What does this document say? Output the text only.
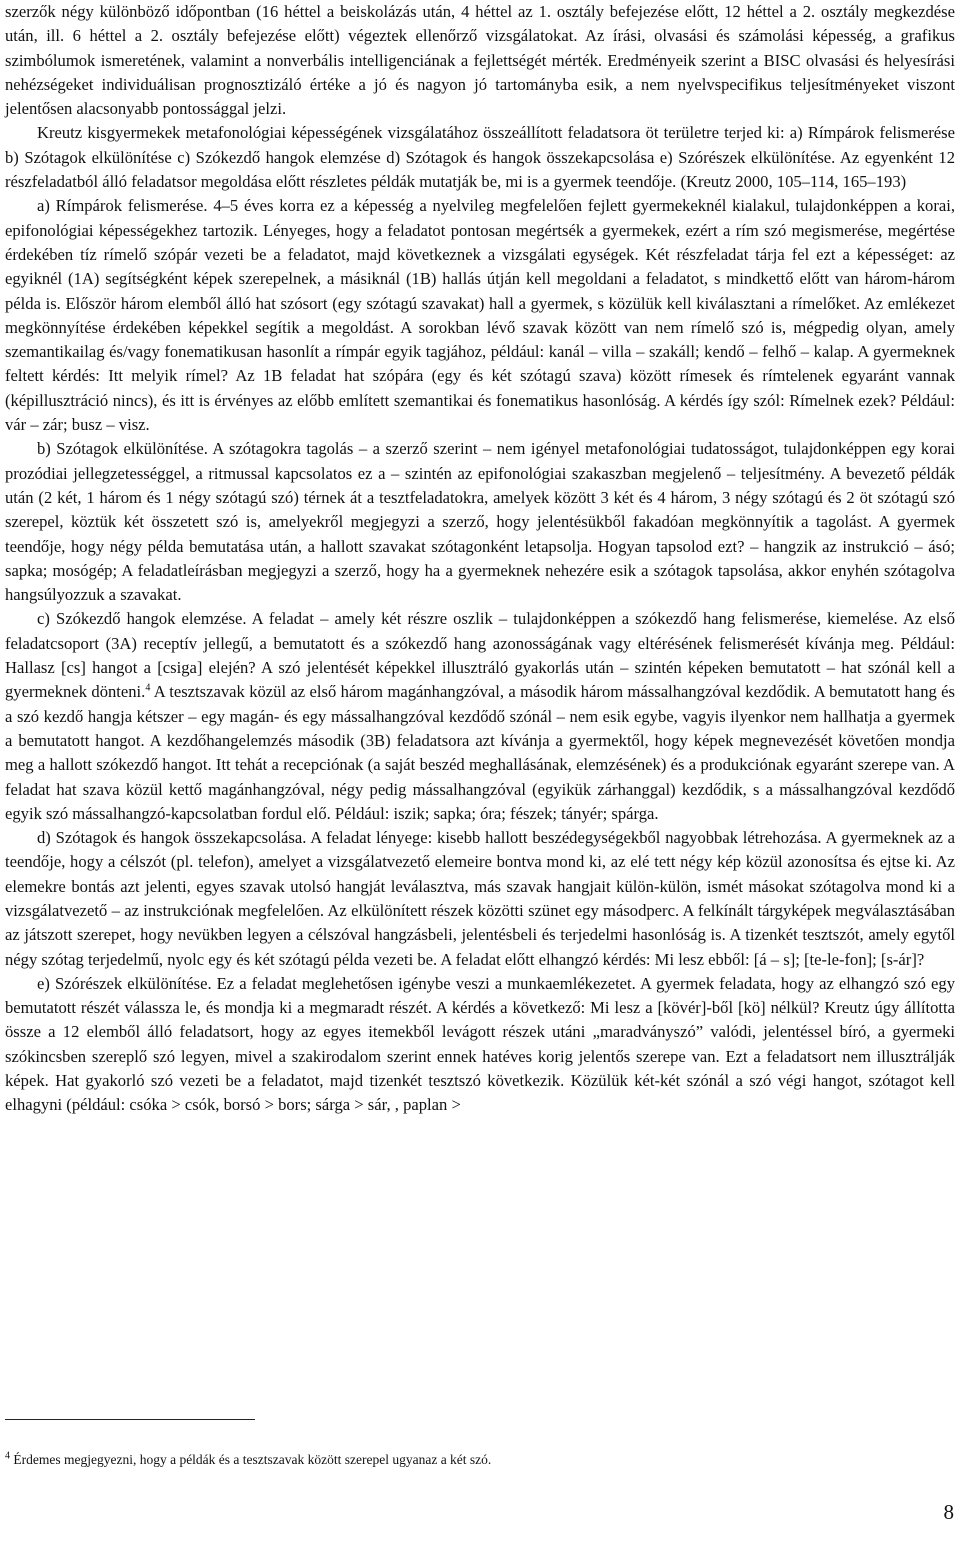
szerzők négy különböző időpontban (16 héttel a beiskolázás után, 4 héttel az 1. osztály befejezése előtt, 12 héttel a 2. osztály megkezdése után, ill. 6 héttel a 2. osztály befejezése előtt) végeztek ellenőrző vizsgálatokat. Az írási, olvasási és számolási képesség, a grafikus szimbólumok ismeretének, valamint a nonverbális intelligenciának a fejlettségét mérték. Eredményeik szerint a BISC olvasási és helyesírási nehézségeket individuálisan prognosztizáló értéke a jó és nagyon jó tartományba esik, a nem nyelvspecifikus teljesítményeket viszont jelentősen alacsonyabb pontossággal jelzi.

Kreutz kisgyermekek metafonológiai képességének vizsgálatához összeállított feladatsora öt területre terjed ki: a) Rímpárok felismerése b) Szótagok elkülönítése c) Szókezdő hangok elemzése d) Szótagok és hangok összekapcsolása e) Szórészek elkülönítése. Az egyenként 12 részfeladatból álló feladatsor megoldása előtt részletes példák mutatják be, mi is a gyermek teendője. (Kreutz 2000, 105–114, 165–193)

a) Rímpárok felismerése. 4–5 éves korra ez a képesség a nyelvileg megfelelően fejlett gyermekeknél kialakul, tulajdonképpen a korai, epifonológiai képességekhez tartozik. Lényeges, hogy a feladatot pontosan megértsék a gyermekek, ezért a rím szó megismerése, megértése érdekében tíz rímelő szópár vezeti be a feladatot, majd következnek a vizsgálati egységek. Két részfeladat tárja fel ezt a képességet: az egyiknél (1A) segítségként képek szerepelnek, a másiknál (1B) hallás útján kell megoldani a feladatot, s mindkettő előtt van három-három példa is. Először három elemből álló hat szósort (egy szótagú szavakat) hall a gyermek, s közülük kell kiválasztani a rímelőket. Az emlékezet megkönnyítése érdekében képekkel segítik a megoldást. A sorokban lévő szavak között van nem rímelő szó is, mégpedig olyan, amely szemantikailag és/vagy fonematikusan hasonlít a rímpár egyik tagjához, például: kanál – villa – szakáll; kendő – felhő – kalap. A gyermeknek feltett kérdés: Itt melyik rímel? Az 1B feladat hat szópára (egy és két szótagú szava) között rímesek és rímtelenek egyaránt vannak (képillusztráció nincs), és itt is érvényes az előbb említett szemantikai és fonematikus hasonlóság. A kérdés így szól: Rímelnek ezek? Például: vár – zár; busz – visz.

b) Szótagok elkülönítése. A szótagokra tagolás – a szerző szerint – nem igényel metafonológiai tudatosságot, tulajdonképpen egy korai prozódiai jellegzetességgel, a ritmussal kapcsolatos ez a – szintén az epifonológiai szakaszban megjelenő – teljesítmény. A bevezető példák után (2 két, 1 három és 1 négy szótagú szó) térnek át a tesztfeladatokra, amelyek között 3 két és 4 három, 3 négy szótagú és 2 öt szótagú szó szerepel, köztük két összetett szó is, amelyekről megjegyzi a szerző, hogy jelentésükből fakadóan megkönnyítik a tagolást. A gyermek teendője, hogy négy példa bemutatása után, a hallott szavakat szótagonként letapsolja. Hogyan tapsolod ezt? – hangzik az instrukció – ásó; sapka; mosógép; A feladatleírásban megjegyzi a szerző, hogy ha a gyermeknek nehezére esik a szótagok tapsolása, akkor enyhén szótagolva hangsúlyozzuk a szavakat.

c) Szókezdő hangok elemzése. A feladat – amely két részre oszlik – tulajdonképpen a szókezdő hang felismerése, kiemelése. Az első feladatcsoport (3A) receptív jellegű, a bemutatott és a szókezdő hang azonosságának vagy eltérésének felismerését kívánja meg. Például: Hallasz [cs] hangot a [csiga] elején? A szó jelentését képekkel illusztráló gyakorlás után – szintén képeken bemutatott – hat szónál kell a gyermeknek dönteni.$^4$ A tesztszavak közül az első három magánhangzóval, a második három mássalhangzóval kezdődik. A bemutatott hang és a szó kezdő hangja kétszer – egy magán- és egy mássalhangzóval kezdődő szónál – nem esik egybe, vagyis ilyenkor nem hallhatja a gyermek a bemutatott hangot. A kezdőhangelemzés második (3B) feladatsora azt kívánja a gyermektől, hogy képek megnevezését követően mondja meg a hallott szókezdő hangot. Itt tehát a recepciónak (a saját beszéd meghallásának, elemzésének) és a produkciónak egyaránt szerepe van. A feladat hat szava közül kettő magánhangzóval, négy pedig mássalhangzóval (egyikük zárhanggal) kezdődik, s a mássalhangzóval kezdődő egyik szó mássalhangzó-kapcsolatban fordul elő. Például: iszik; sapka; óra; fészek; tányér; spárga.

d) Szótagok és hangok összekapcsolása. A feladat lényege: kisebb hallott beszédegységekből nagyobbak létrehozása. A gyermeknek az a teendője, hogy a célszót (pl. telefon), amelyet a vizsgálatvezető elemeire bontva mond ki, az elé tett négy kép közül azonosítsa és ejtse ki. Az elemekre bontás azt jelenti, egyes szavak utolsó hangját leválasztva, más szavak hangjait külön-külön, ismét másokat szótagolva mond ki a vizsgálatvezető – az instrukciónak megfelelően. Az elkülönített részek közötti szünet egy másodperc. A felkínált tárgyképek megválasztásában az játszott szerepet, hogy nevükben legyen a célszóval hangzásbeli, jelentésbeli és terjedelmi hasonlóság is. A tizenkét tesztszót, amely egytől négy szótag terjedelmű, nyolc egy és két szótagú példa vezeti be. A feladat előtt elhangzó kérdés: Mi lesz ebből: [á – s]; [te-le-fon]; [s-ár]?

e) Szórészek elkülönítése. Ez a feladat meglehetősen igénybe veszi a munkaemlékezetet. A gyermek feladata, hogy az elhangzó szó egy bemutatott részét válassza le, és mondja ki a megmaradt részét. A kérdés a következő: Mi lesz a [kövér]-ből [kö] nélkül? Kreutz úgy állította össze a 12 elemből álló feladatsort, hogy az egyes itemekből levágott részek utáni „maradványszó” valódi, jelentéssel bíró, a gyermeki szókincsben szereplő szó legyen, mivel a szakirodalom szerint ennek hatéves korig jelentős szerepe van. Ezt a feladatsort nem illusztrálják képek. Hat gyakorló szó vezeti be a feladatot, majd tizenkét tesztszó következik. Közülük két-két szónál a szó végi hangot, szótagot kell elhagyni (például: csóka > csók, borsó > bors; sárga > sár, , paplan >

$^4$ Érdemes megjegyezni, hogy a példák és a tesztszavak között szerepel ugyanaz a két szó.
8
